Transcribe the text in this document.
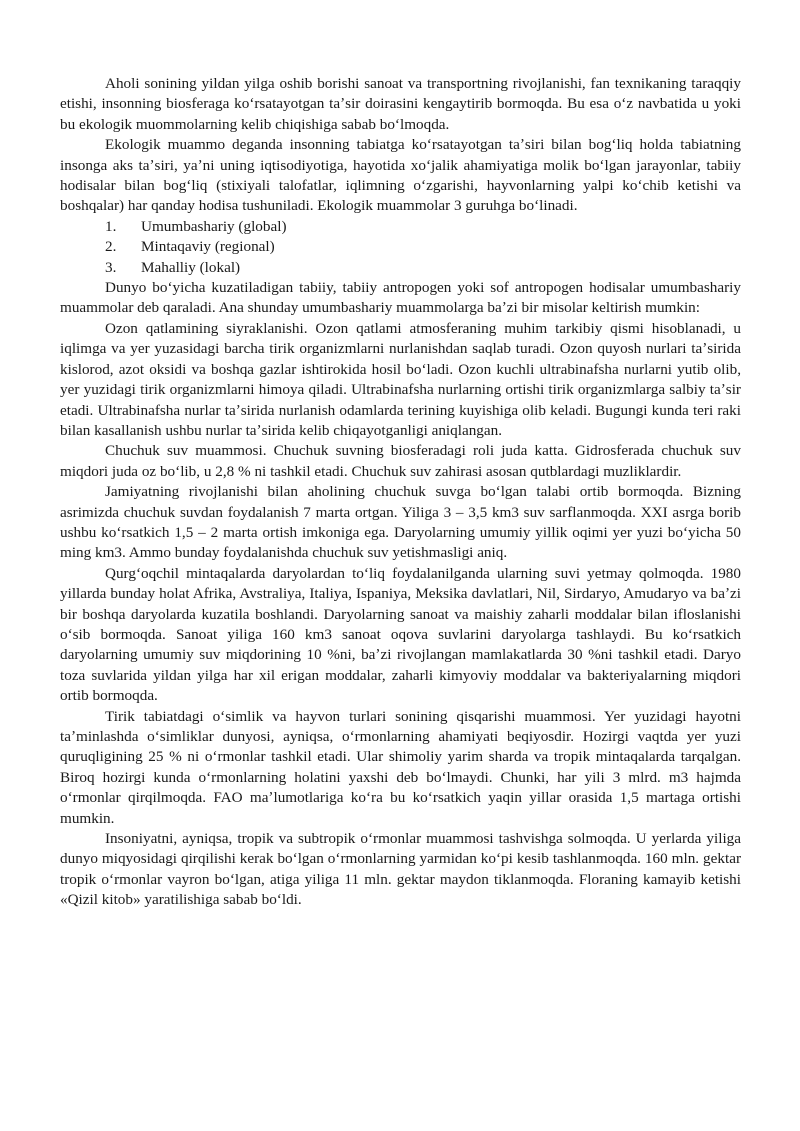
Aholi sonining yildan yilga oshib borishi sanoat va transportning rivojlanishi, fan texnikaning taraqqiy etishi, insonning biosferaga koʻrsatayotgan taʼsir doirasini kengaytirib bormoqda. Bu esa oʻz navbatida u yoki bu ekologik muommolarning kelib chiqishiga sabab boʻlmoqda.

Ekologik muammo deganda insonning tabiatga koʻrsatayotgan taʼsiri bilan bogʻliq holda tabiatning insonga aks taʼsiri, yaʼni uning iqtisodiyotiga, hayotida xoʻjalik ahamiyatiga molik boʻlgan jarayonlar, tabiiy hodisalar bilan bogʻliq (stixiyali talofatlar, iqlimning oʻzgarishi, hayvonlarning yalpi koʻchib ketishi va boshqalar) har qanday hodisa tushuniladi. Ekologik muammolar 3 guruhga boʻlinadi.

1.	Umumbashariy (global)
2.	Mintaqaviy (regional)
3.	Mahalliy (lokal)

Dunyo boʻyicha kuzatiladigan tabiiy, tabiiy antropogen yoki sof antropogen hodisalar umumbashariy muammolar deb qaraladi. Ana shunday umumbashariy muammolarga baʼzi bir misolar keltirish mumkin:

Ozon qatlamining siyraklanishi. Ozon qatlami atmosferaning muhim tarkibiy qismi hisoblanadi, u iqlimga va yer yuzasidagi barcha tirik organizmlarni nurlanishdan saqlab turadi. Ozon quyosh nurlari taʼsirida kislorod, azot oksidi va boshqa gazlar ishtirokida hosil boʻladi. Ozon kuchli ultrabinafsha nurlarni yutib olib, yer yuzidagi tirik organizmlarni himoya qiladi. Ultrabinafsha nurlarning ortishi tirik organizmlarga salbiy taʼsir etadi. Ultrabinafsha nurlar taʼsirida nurlanish odamlarda terining kuyishiga olib keladi. Bugungi kunda teri raki bilan kasallanish ushbu nurlar taʼsirida kelib chiqayotganligi aniqlangan.

Chuchuk suv muammosi. Chuchuk suvning biosferadagi roli juda katta. Gidrosferada chuchuk suv miqdori juda oz boʻlib, u 2,8 % ni tashkil etadi. Chuchuk suv zahirasi asosan qutblardagi muzliklardir.

Jamiyatning rivojlanishi bilan aholining chuchuk suvga boʻlgan talabi ortib bormoqda. Bizning asrimizda chuchuk suvdan foydalanish 7 marta ortgan. Yiliga 3 – 3,5 km3 suv sarflanmoqda. XXI asrga borib ushbu koʻrsatkich 1,5 – 2 marta ortish imkoniga ega. Daryolarning umumiy yillik oqimi yer yuzi boʻyicha 50 ming km3. Ammo bunday foydalanishda chuchuk suv yetishmasligi aniq.

Qurgʻoqchil mintaqalarda daryolardan toʻliq foydalanilganda ularning suvi yetmay qolmoqda. 1980 yillarda bunday holat Afrika, Avstraliya, Italiya, Ispaniya, Meksika davlatlari, Nil, Sirdaryo, Amudaryo va baʼzi bir boshqa daryolarda kuzatila boshlandi. Daryolarning sanoat va maishiy zaharli moddalar bilan ifloslanishi oʻsib bormoqda. Sanoat yiliga 160 km3 sanoat oqova suvlarini daryolarga tashlaydi. Bu koʻrsatkich daryolarning umumiy suv miqdorining 10 %ni, baʼzi rivojlangan mamlakatlarda 30 %ni tashkil etadi. Daryo toza suvlarida yildan yilga har xil erigan moddalar, zaharli kimyoviy moddalar va bakteriyalarning miqdori ortib bormoqda.

Tirik tabiatdagi oʻsimlik va hayvon turlari sonining qisqarishi muammosi. Yer yuzidagi hayotni taʼminlashda oʻsimliklar dunyosi, ayniqsa, oʻrmonlarning ahamiyati beqiyosdir. Hozirgi vaqtda yer yuzi quruqligining 25 % ni oʻrmonlar tashkil etadi. Ular shimoliy yarim sharda va tropik mintaqalarda tarqalgan. Biroq hozirgi kunda oʻrmonlarning holatini yaxshi deb boʻlmaydi. Chunki, har yili 3 mlrd. m3 hajmda oʻrmonlar qirqilmoqda. FAO maʼlumotlariga koʻra bu koʻrsatkich yaqin yillar orasida 1,5 martaga ortishi mumkin.

Insoniyatni, ayniqsa, tropik va subtropik oʻrmonlar muammosi tashvishga solmoqda. U yerlarda yiliga dunyo miqyosidagi qirqilishi kerak boʻlgan oʻrmonlarning yarmidan koʻpi kesib tashlanmoqda. 160 mln. gektar tropik oʻrmonlar vayron boʻlgan, atiga yiliga 11 mln. gektar maydon tiklanmoqda. Floraning kamayib ketishi «Qizil kitob» yaratilishiga sabab boʻldi.
